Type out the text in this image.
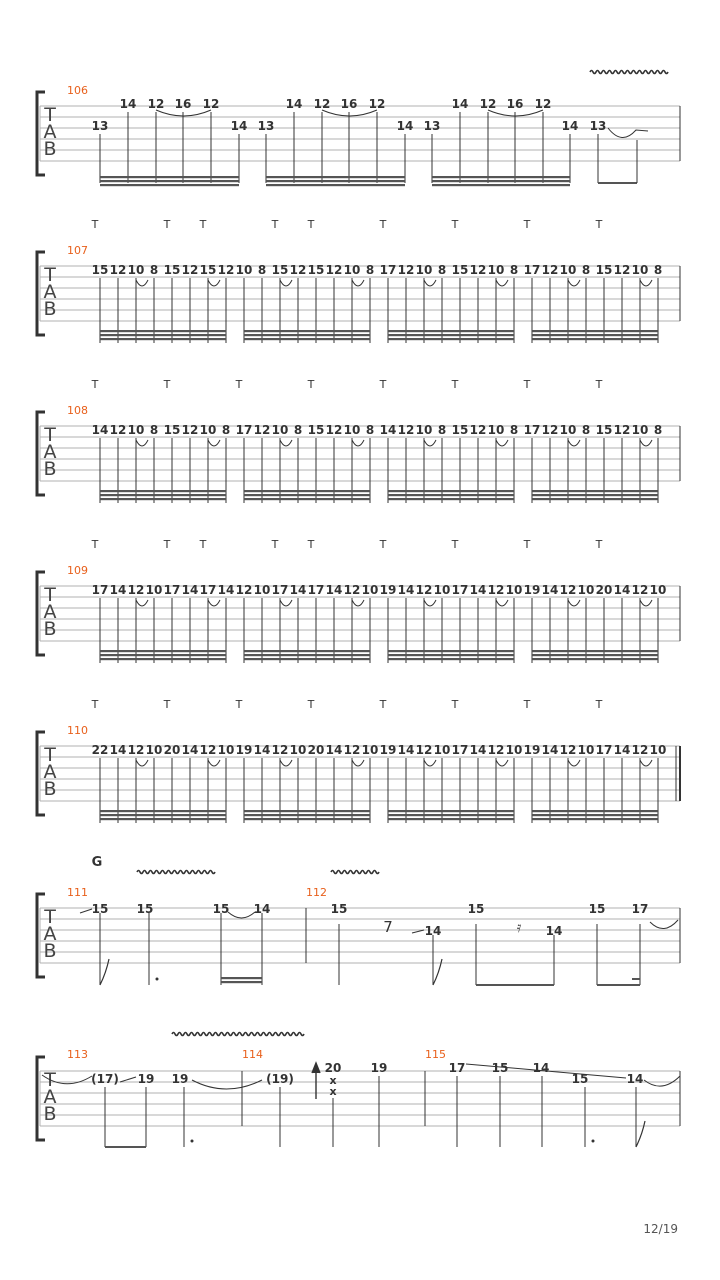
T
A
B
106
13
14 12 16 12
14 13
14 12 16 12
14 13
14 12 16 12
14 13
T	T	T	T	T	T	T	T	T
T
A
B
107
15 12 10 8 15 12 15 12 10 8 15 12 15 12 10 8 17 12 10 8 15 12 10 8 17 12 10 8 15 12 10 8
T	T	T	T	T	T	T	T
T
A
B
108
14 12 10 8 15 12 10 8 17 12 10 8 15 12 10 8 14 12 10 8 15 12 10 8 17 12 10 8 15 12 10 8
T	T	T	T	T	T	T	T	T
T
A
B
109
17 14 12 10 17 14 17 14 12 10 17 14 17 14 12 10 19 14 12 10 17 14 12 10 19 14 12 10 20 14 12 10
T	T	T	T	T	T	T	T
T
A
B
110
22 14 12 10 20 14 12 10 19 14 12 10 20 14 12 10 19 14 12 10 17 14 12 10 19 14 12 10 17 14 12 10
T
A
B
G
111	112
15 15	15 14	15
14
15
14
15 17
7	𝄿
T
A
B
113	114	115
(17) 19 19	(19)
20
x
x
19	17 15 14
15	14
12/19
